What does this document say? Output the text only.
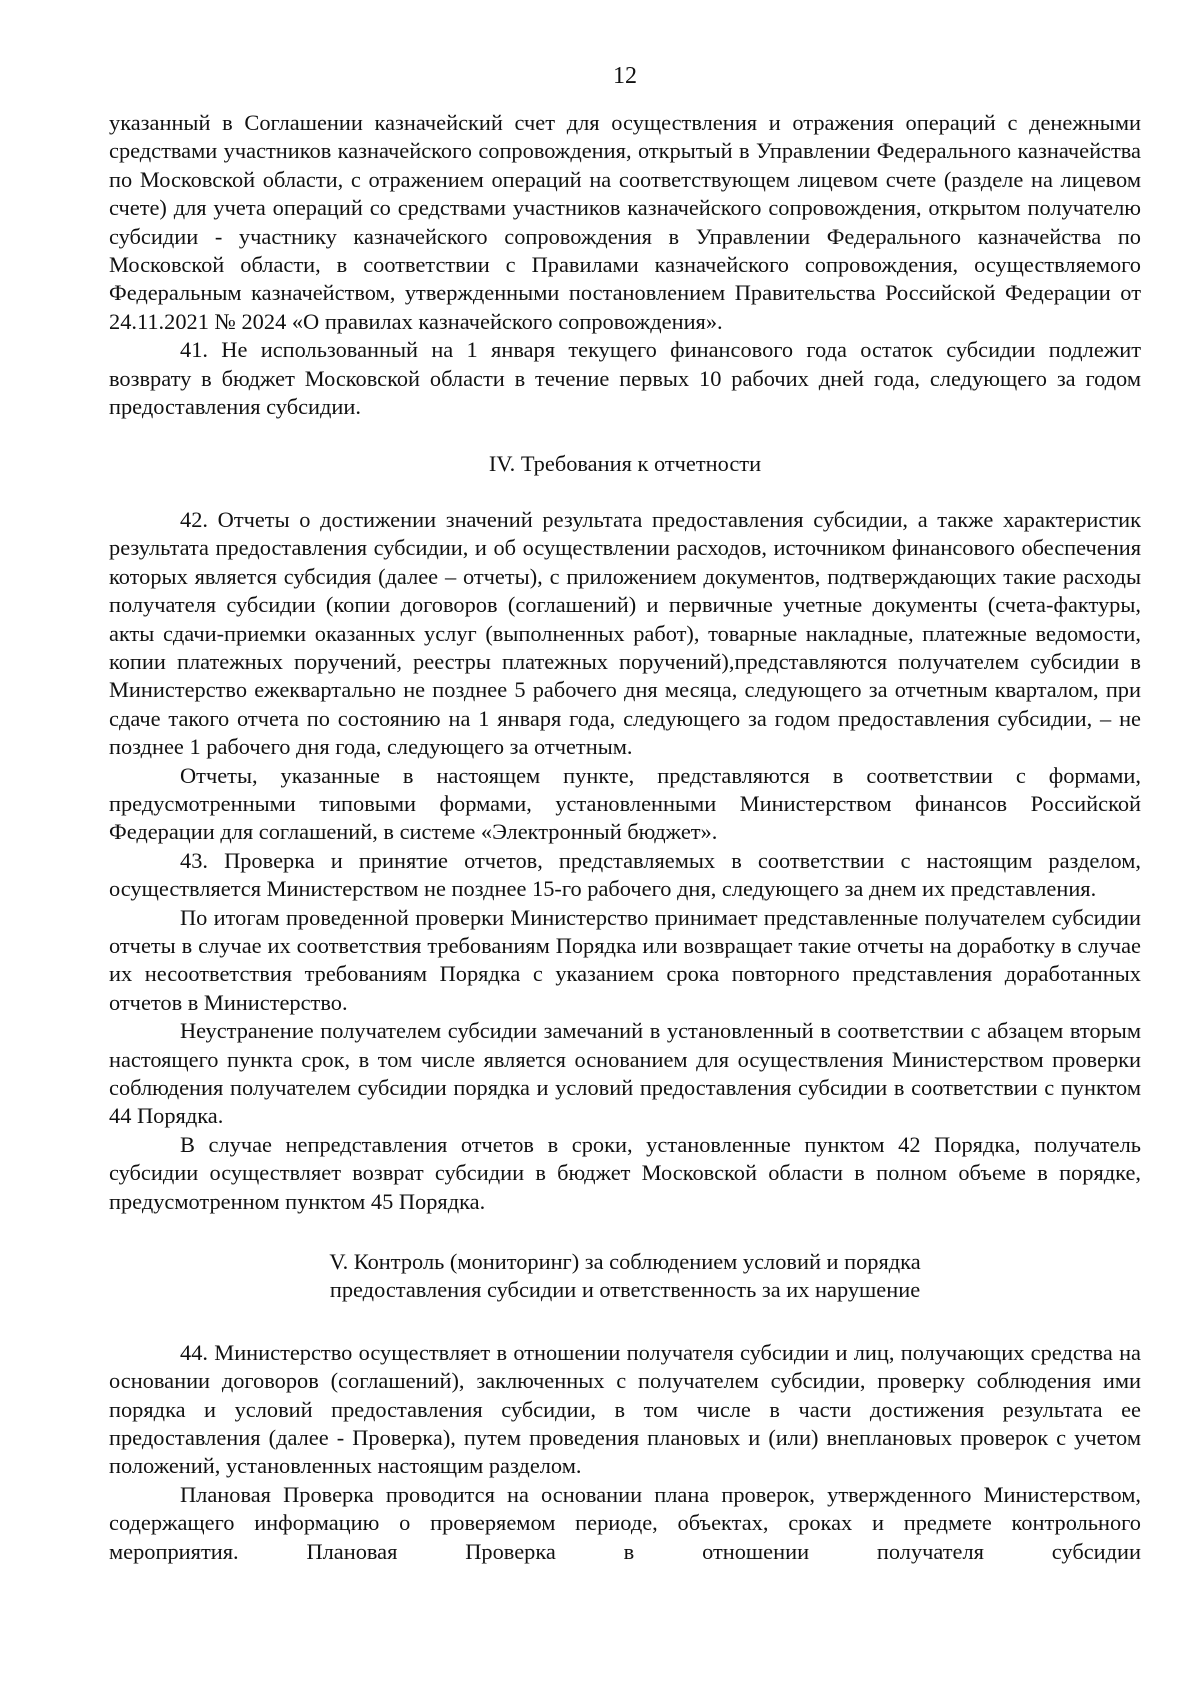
12

указанный в Соглашении казначейский счет для осуществления и отражения операций с денежными средствами участников казначейского сопровождения, открытый в Управлении Федерального казначейства по Московской области, с отражением операций на соответствующем лицевом счете (разделе на лицевом счете) для учета операций со средствами участников казначейского сопровождения, открытом получателю субсидии - участнику казначейского сопровождения в Управлении Федерального казначейства по Московской области, в соответствии с Правилами казначейского сопровождения, осуществляемого Федеральным казначейством, утвержденными постановлением Правительства Российской Федерации от 24.11.2021 № 2024 «О правилах казначейского сопровождения».

41. Не использованный на 1 января текущего финансового года остаток субсидии подлежит возврату в бюджет Московской области в течение первых 10 рабочих дней года, следующего за годом предоставления субсидии.

IV. Требования к отчетности

42. Отчеты о достижении значений результата предоставления субсидии, а также характеристик результата предоставления субсидии, и об осуществлении расходов, источником финансового обеспечения которых является субсидия (далее – отчеты), с приложением документов, подтверждающих такие расходы получателя субсидии (копии договоров (соглашений) и первичные учетные документы (счета-фактуры, акты сдачи-приемки оказанных услуг (выполненных работ), товарные накладные, платежные ведомости, копии платежных поручений, реестры платежных поручений),представляются получателем субсидии в Министерство ежеквартально не позднее 5 рабочего дня месяца, следующего за отчетным кварталом, при сдаче такого отчета по состоянию на 1 января года, следующего за годом предоставления субсидии, – не позднее 1 рабочего дня года, следующего за отчетным.

Отчеты, указанные в настоящем пункте, представляются в соответствии с формами, предусмотренными типовыми формами, установленными Министерством финансов Российской Федерации для соглашений, в системе «Электронный бюджет».

43. Проверка и принятие отчетов, представляемых в соответствии с настоящим разделом, осуществляется Министерством не позднее 15-го рабочего дня, следующего за днем их представления.

По итогам проведенной проверки Министерство принимает представленные получателем субсидии отчеты в случае их соответствия требованиям Порядка или возвращает такие отчеты на доработку в случае их несоответствия требованиям Порядка с указанием срока повторного представления доработанных отчетов в Министерство.

Неустранение получателем субсидии замечаний в установленный в соответствии с абзацем вторым настоящего пункта срок, в том числе является основанием для осуществления Министерством проверки соблюдения получателем субсидии порядка и условий предоставления субсидии в соответствии с пунктом 44 Порядка.

В случае непредставления отчетов в сроки, установленные пунктом 42 Порядка, получатель субсидии осуществляет возврат субсидии в бюджет Московской области в полном объеме в порядке, предусмотренном пунктом 45 Порядка.

V. Контроль (мониторинг) за соблюдением условий и порядка
предоставления субсидии и ответственность за их нарушение

44. Министерство осуществляет в отношении получателя субсидии и лиц, получающих средства на основании договоров (соглашений), заключенных с получателем субсидии, проверку соблюдения ими порядка и условий предоставления субсидии, в том числе в части достижения результата ее предоставления (далее - Проверка), путем проведения плановых и (или) внеплановых проверок с учетом положений, установленных настоящим разделом.

Плановая Проверка проводится на основании плана проверок, утвержденного Министерством, содержащего информацию о проверяемом периоде, объектах, сроках и предмете контрольного мероприятия. Плановая Проверка в отношении получателя субсидии
